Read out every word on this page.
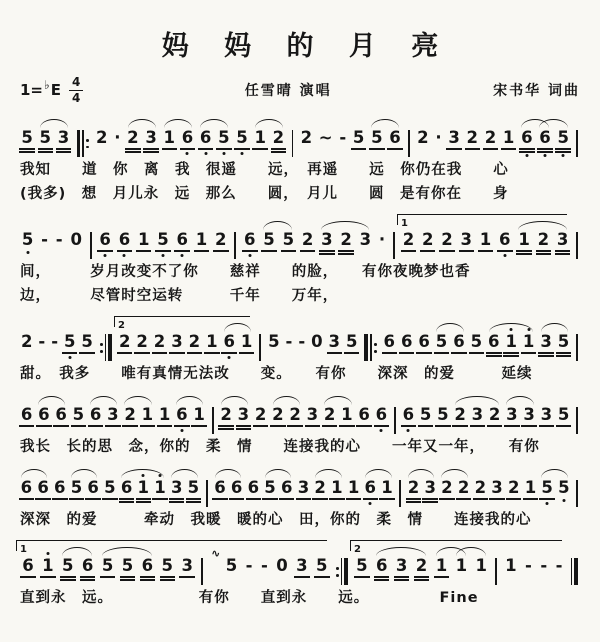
妈 妈 的 月 亮
1= ♭ E $\frac{4}{4}$	任雪晴 演唱	宋书华 词曲
5 5 3 2 · 2 3 1 6 6 5 5 1 2 2 ∼ - 5 5 6 2 · 3 2 2 1 6 6 5
我知　　道　你　离　我　很遥　　远，　再遥　　远　你仍在我　　心
(我多)　想　月儿永　远　那么　　圆，　月儿　　圆　是有你在　　身
5 - - 0 6 6 1 5 6 1 2 6 5 5 2 3 2 3 · 2 2 2 3 1 6 1 2 3
间，　　　岁月改变不了你　　慈祥　　的脸，　　有你夜晚梦也香
边，　　　尽管时空运转　　　千年　　万年，
$^1$
2 - - 5 5 2 2 2 3 2 1 6 1 5 - - 0 3 5 6 6 6 5 6 5 6 1 1 3 5
甜。　我多　　唯有真情无法改　　变。　　有你　　深深　的爱　　　延续
$^2$
6 6 6 5 6 3 2 1 1 6 1 2 3 2 2 2 3 2 1 6 6 6 5 5 2 3 2 3 3 3 5
我长　长的思　念，你的　柔　情　　连接我的心　　一年又一年，　　有你
6 6 6 5 6 5 6 1 1 3 5 6 6 6 5 6 3 2 1 1 6 1 2 3 2 2 2 3 2 1 5 5
深深　的爱　　　牵动　我暖　暖的心　田，你的　柔　情　　连接我的心
6 1 5 6 5 5 6 5 3
∿
5 - - 0 3 5 5 6 3 2 1 1 1 1 - - -
直到永　远。　　　　　　有你　　直到永　　远。　　　　　Fine
$^1$	$^2$
